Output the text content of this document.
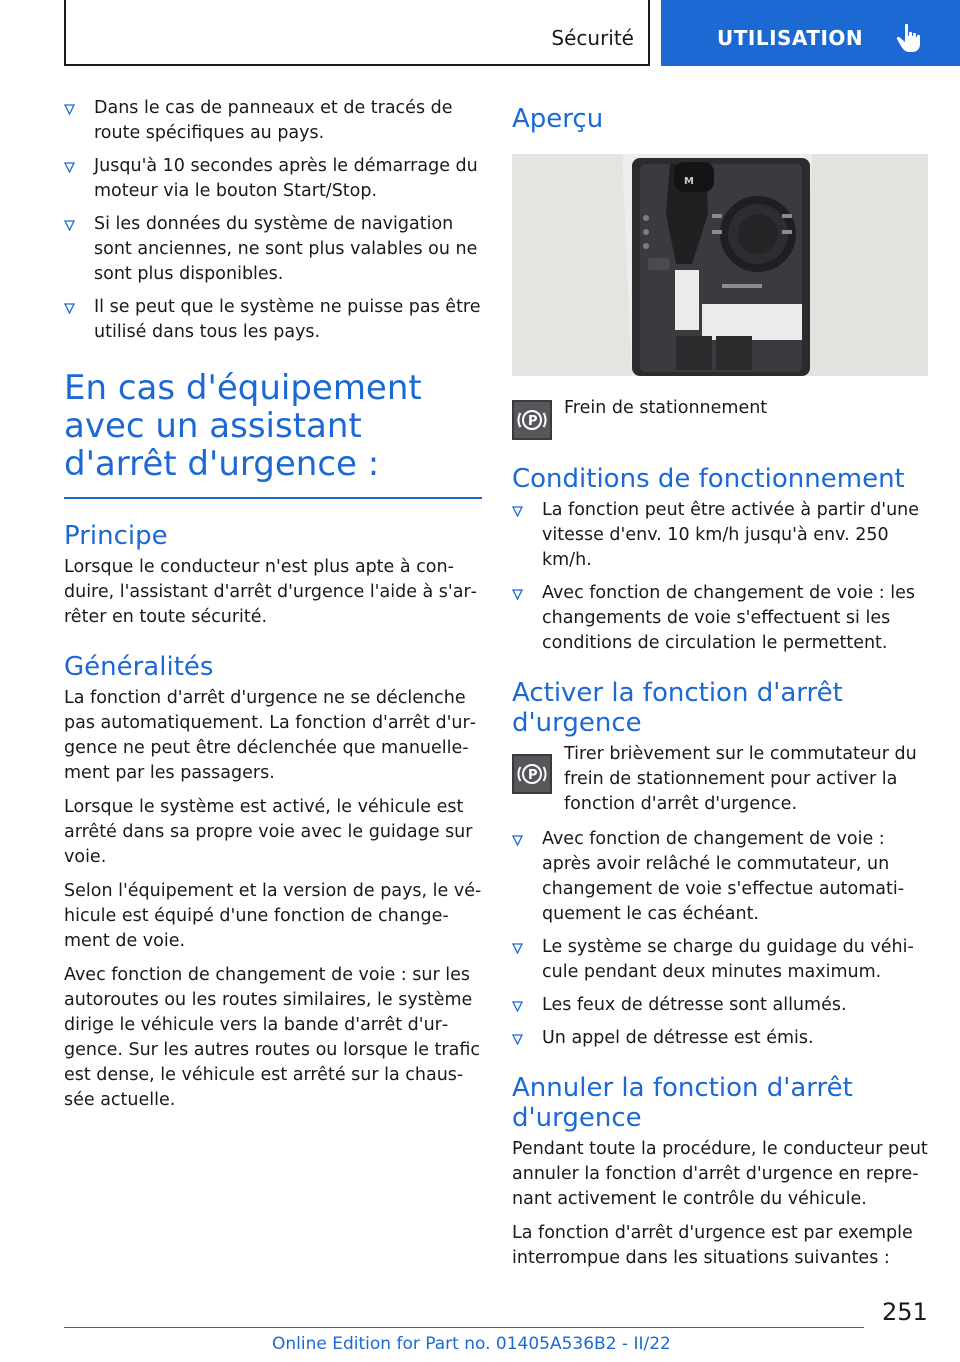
Sécurité	UTILISATION
Dans le cas de panneaux et de tracés de route spécifiques au pays.
Jusqu'à 10 secondes après le démarrage du moteur via le bouton Start/Stop.
Si les données du système de navigation sont anciennes, ne sont plus valables ou ne sont plus disponibles.
Il se peut que le système ne puisse pas être utilisé dans tous les pays.
En cas d'équipement avec un assistant d'arrêt d'urgence :
Principe

Lorsque le conducteur n'est plus apte à conduire, l'assistant d'arrêt d'urgence l'aide à s'arrêter en toute sécurité.

Généralités

La fonction d'arrêt d'urgence ne se déclenche pas automatiquement. La fonction d'arrêt d'urgence ne peut être déclenchée que manuellement par les passagers.

Lorsque le système est activé, le véhicule est arrêté dans sa propre voie avec le guidage sur voie.

Selon l'équipement et la version de pays, le véhicule est équipé d'une fonction de changement de voie.

Avec fonction de changement de voie : sur les autoroutes ou les routes similaires, le système dirige le véhicule vers la bande d'arrêt d'urgence. Sur les autres routes ou lorsque le trafic est dense, le véhicule est arrêté sur la chaussée actuelle.

Aperçu
M
P
Frein de stationnement
Conditions de fonctionnement
La fonction peut être activée à partir d'une vitesse d'env. 10 km/h jusqu'à env. 250 km/h.
Avec fonction de changement de voie : les changements de voie s'effectuent si les conditions de circulation le permettent.
Activer la fonction d'arrêt d'urgence
P
Tirer brièvement sur le commutateur du frein de stationnement pour activer la fonction d'arrêt d'urgence.
Avec fonction de changement de voie : après avoir relâché le commutateur, un changement de voie s'effectue automatiquement le cas échéant.
Le système se charge du guidage du véhicule pendant deux minutes maximum.
Les feux de détresse sont allumés.
Un appel de détresse est émis.
Annuler la fonction d'arrêt d'urgence

Pendant toute la procédure, le conducteur peut annuler la fonction d'arrêt d'urgence en reprenant activement le contrôle du véhicule.

La fonction d'arrêt d'urgence est par exemple interrompue dans les situations suivantes :

251
Online Edition for Part no. 01405A536B2 - II/22
